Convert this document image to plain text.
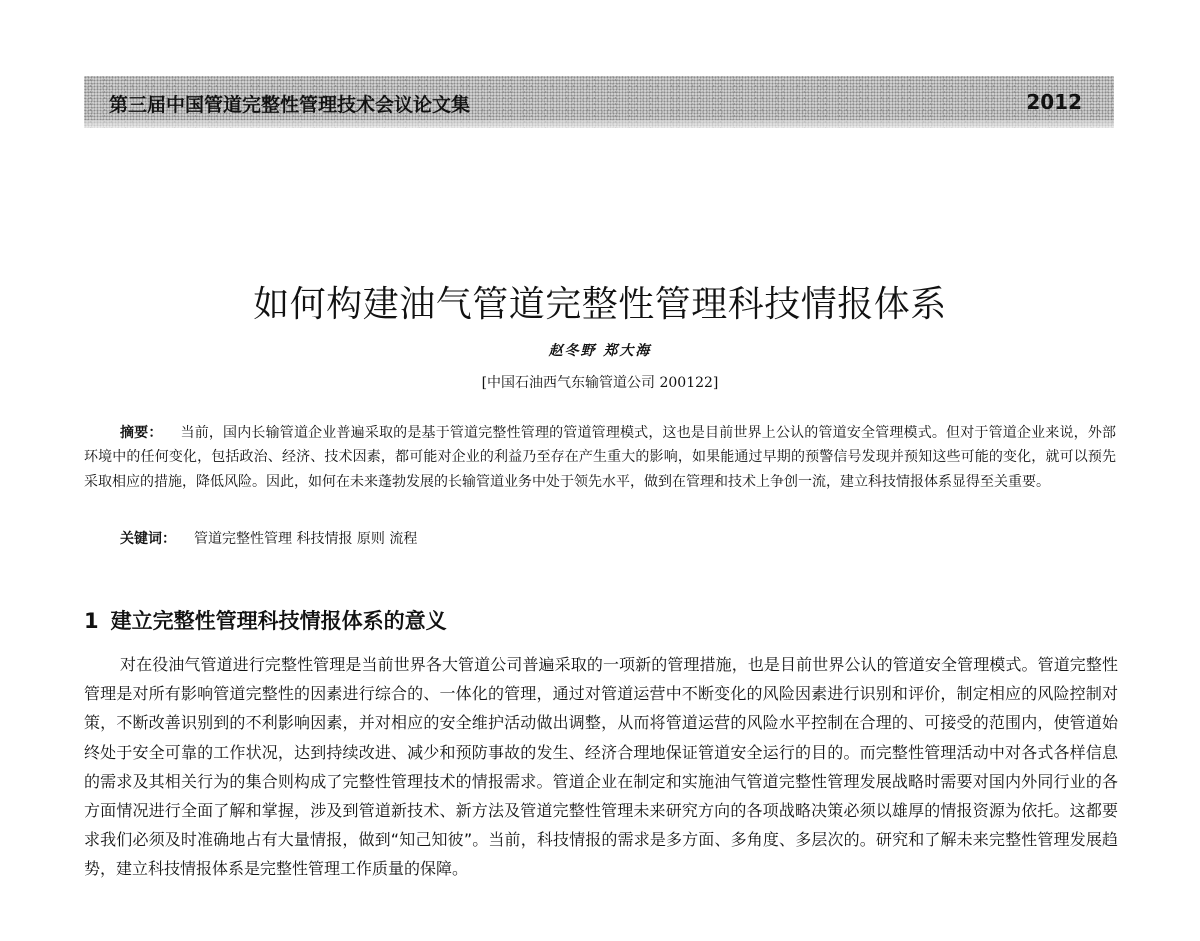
第三届中国管道完整性管理技术会议论文集	2012
如何构建油气管道完整性管理科技情报体系
赵冬野 郑大海
[中国石油西气东输管道公司 200122]

摘要： 当前，国内长输管道企业普遍采取的是基于管道完整性管理的管道管理模式，这也是目前世界上公认的管道安全管理模式。但对于管道企业来说，外部环境中的任何变化，包括政治、经济、技术因素，都可能对企业的利益乃至存在产生重大的影响，如果能通过早期的预警信号发现并预知这些可能的变化，就可以预先采取相应的措施，降低风险。因此，如何在未来蓬勃发展的长输管道业务中处于领先水平，做到在管理和技术上争创一流，建立科技情报体系显得至关重要。

关键词： 管道完整性管理 科技情报 原则 流程
1 建立完整性管理科技情报体系的意义

对在役油气管道进行完整性管理是当前世界各大管道公司普遍采取的一项新的管理措施，也是目前世界公认的管道安全管理模式。管道完整性管理是对所有影响管道完整性的因素进行综合的、一体化的管理，通过对管道运营中不断变化的风险因素进行识别和评价，制定相应的风险控制对策，不断改善识别到的不利影响因素，并对相应的安全维护活动做出调整，从而将管道运营的风险水平控制在合理的、可接受的范围内，使管道始终处于安全可靠的工作状况，达到持续改进、减少和预防事故的发生、经济合理地保证管道安全运行的目的。而完整性管理活动中对各式各样信息的需求及其相关行为的集合则构成了完整性管理技术的情报需求。管道企业在制定和实施油气管道完整性管理发展战略时需要对国内外同行业的各方面情况进行全面了解和掌握，涉及到管道新技术、新方法及管道完整性管理未来研究方向的各项战略决策必须以雄厚的情报资源为依托。这都要求我们必须及时准确地占有大量情报，做到“知己知彼”。当前，科技情报的需求是多方面、多角度、多层次的。研究和了解未来完整性管理发展趋势，建立科技情报体系是完整性管理工作质量的保障。
